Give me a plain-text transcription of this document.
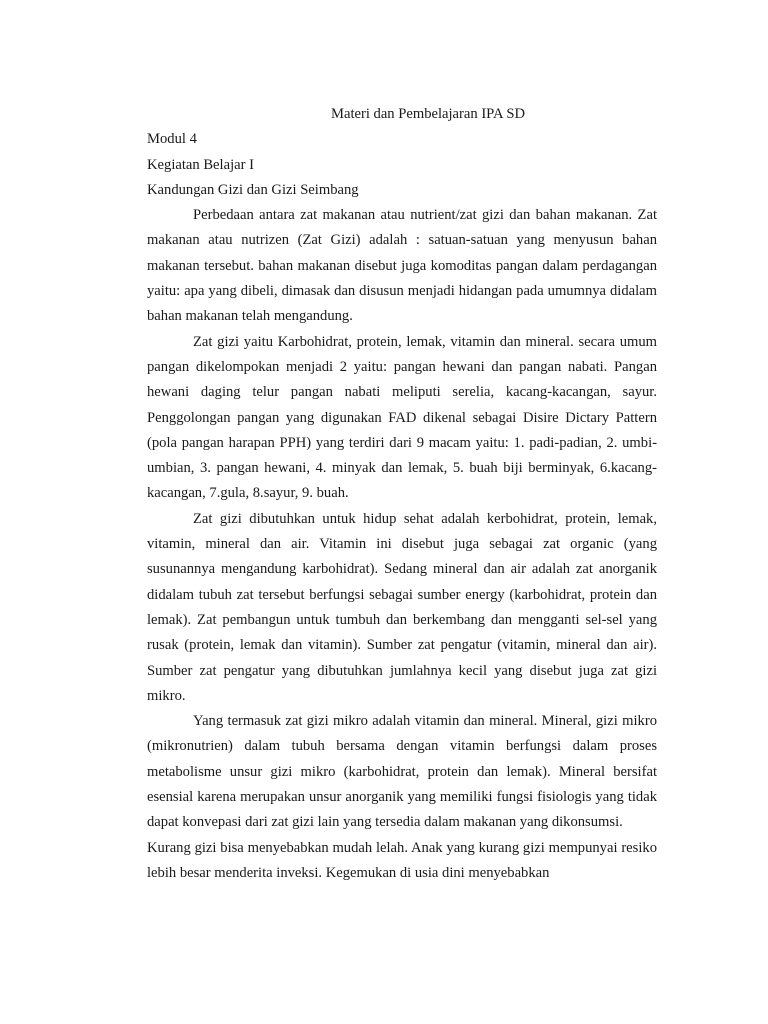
Materi dan Pembelajaran IPA SD

Modul 4

Kegiatan Belajar I

Kandungan Gizi dan Gizi Seimbang

Perbedaan antara zat makanan atau nutrient/zat gizi dan bahan makanan. Zat makanan atau nutrizen (Zat Gizi) adalah : satuan-satuan yang menyusun bahan makanan tersebut. bahan makanan disebut juga komoditas pangan dalam perdagangan yaitu: apa yang dibeli, dimasak dan disusun menjadi hidangan pada umumnya didalam bahan makanan telah mengandung.

Zat gizi yaitu Karbohidrat, protein, lemak, vitamin dan mineral. secara umum pangan dikelompokan menjadi 2 yaitu: pangan hewani dan pangan nabati. Pangan hewani daging telur pangan nabati meliputi serelia, kacang-kacangan, sayur. Penggolongan pangan yang digunakan FAD dikenal sebagai Disire Dictary Pattern (pola pangan harapan PPH) yang terdiri dari 9 macam yaitu: 1. padi-padian, 2. umbi-umbian, 3. pangan hewani, 4. minyak dan lemak, 5. buah biji berminyak, 6.kacang-kacangan, 7.gula, 8.sayur, 9. buah.

Zat gizi dibutuhkan untuk hidup sehat adalah kerbohidrat, protein, lemak, vitamin, mineral dan air. Vitamin ini disebut juga sebagai zat organic (yang susunannya mengandung karbohidrat). Sedang mineral dan air adalah zat anorganik didalam tubuh zat tersebut berfungsi sebagai sumber energy (karbohidrat, protein dan lemak). Zat pembangun untuk tumbuh dan berkembang dan mengganti sel-sel yang rusak (protein, lemak dan vitamin). Sumber zat pengatur (vitamin, mineral dan air). Sumber zat pengatur yang dibutuhkan jumlahnya kecil yang disebut juga zat gizi mikro.

Yang termasuk zat gizi mikro adalah vitamin dan mineral. Mineral, gizi mikro (mikronutrien) dalam tubuh bersama dengan vitamin berfungsi dalam proses metabolisme unsur gizi mikro (karbohidrat, protein dan lemak). Mineral bersifat esensial karena merupakan unsur anorganik yang memiliki fungsi fisiologis yang tidak dapat konvepasi dari zat gizi lain yang tersedia dalam makanan yang dikonsumsi.

Kurang gizi bisa menyebabkan mudah lelah. Anak yang kurang gizi mempunyai resiko lebih besar menderita inveksi. Kegemukan di usia dini menyebabkan
